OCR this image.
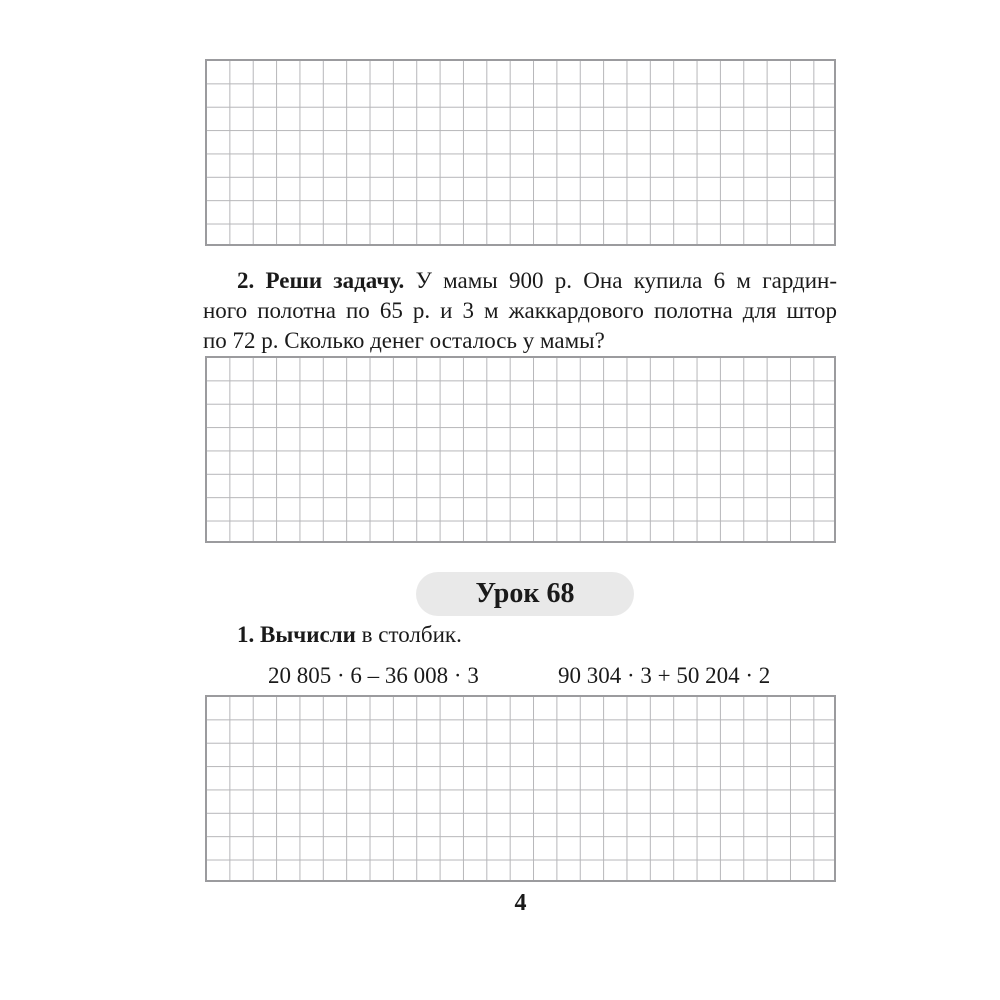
2. Реши задачу. У мамы 900 р. Она купила 6 м гардин-
ного полотна по 65 р. и 3 м жаккардового полотна для штор
по 72 р. Сколько денег осталось у мамы?
Урок 68
1. Вычисли в столбик.
20 805 · 6 – 36 008 · 3	90 304 · 3 + 50 204 · 2
4
